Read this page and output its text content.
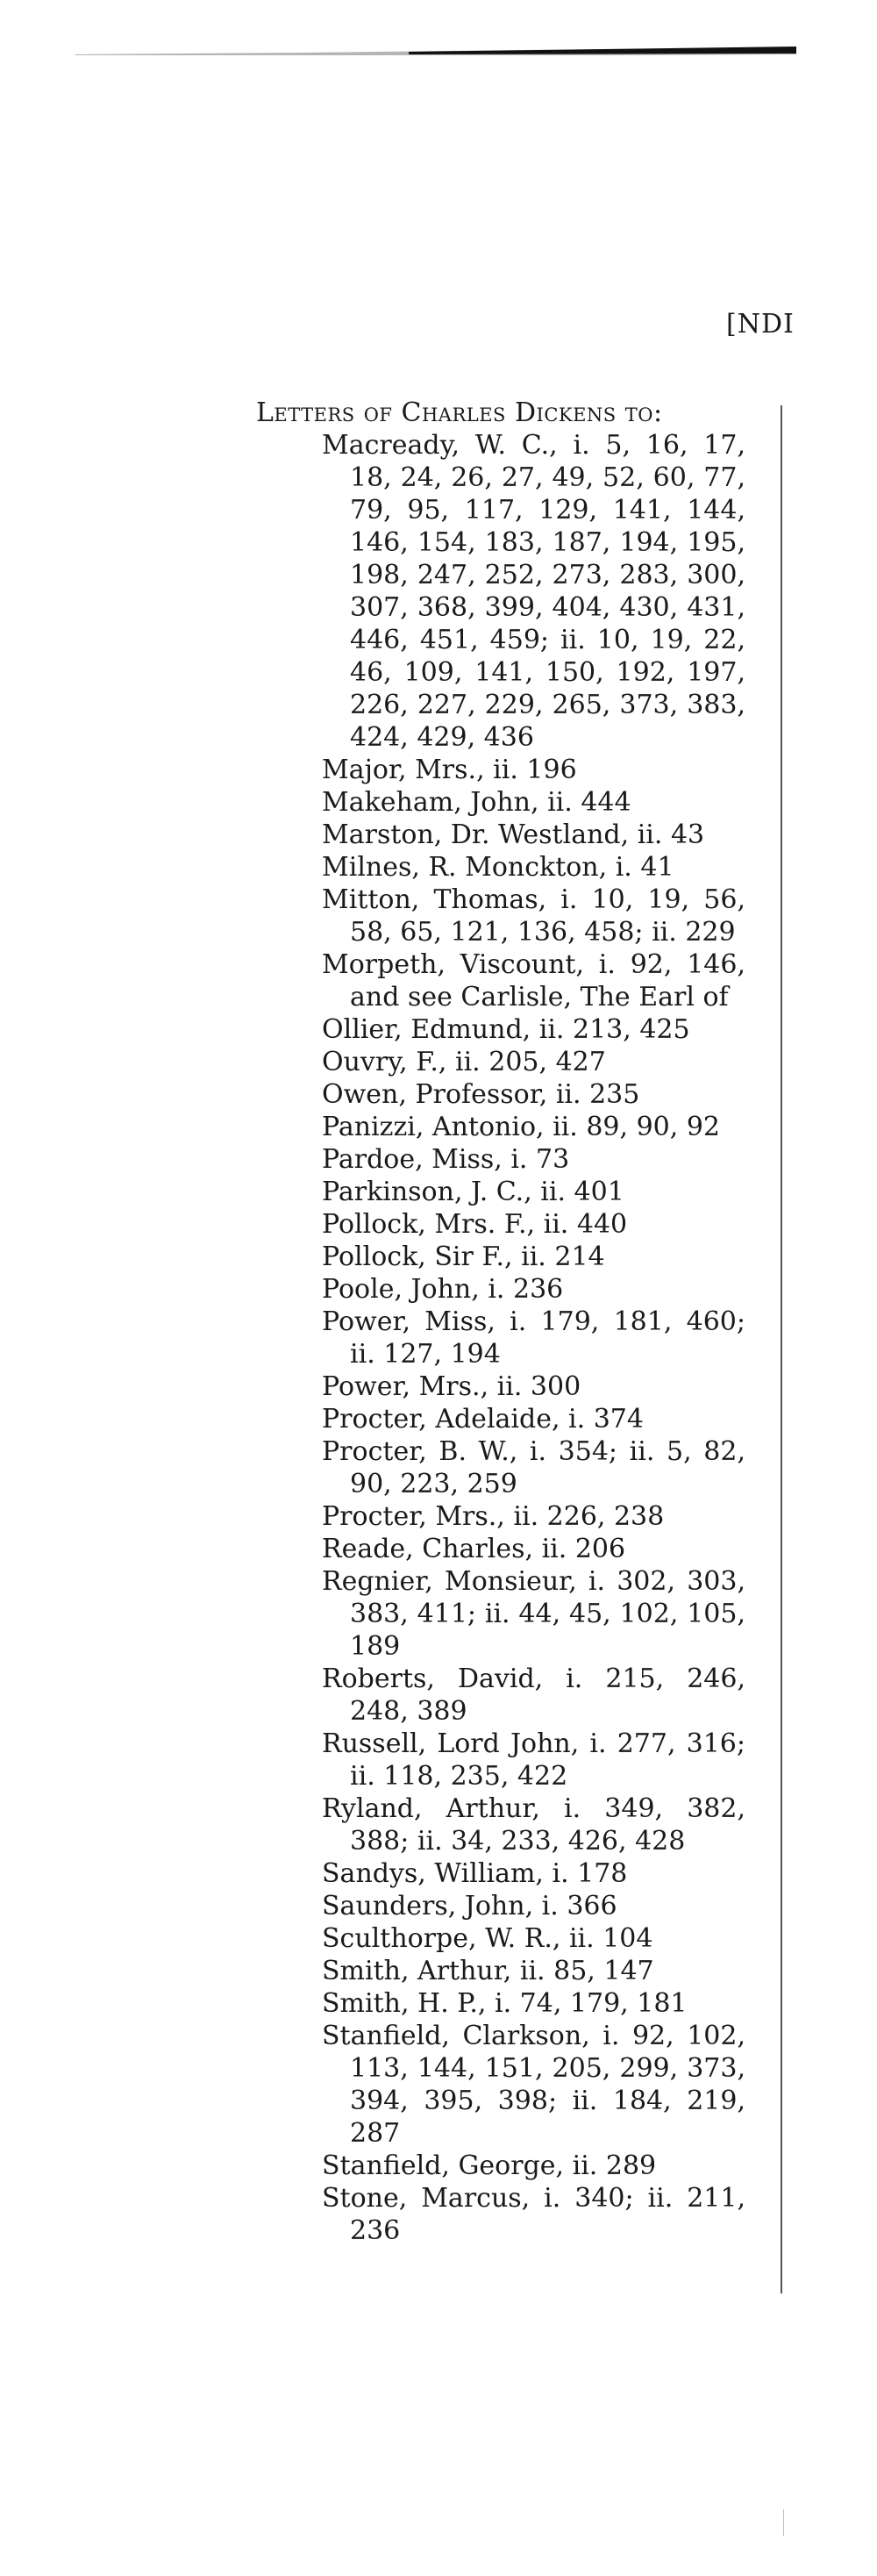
[NDI
Letters of Charles Dickens to:
Macready, W. C., i. 5, 16, 17, 18, 24, 26, 27, 49, 52, 60, 77, 79, 95, 117, 129, 141, 144, 146, 154, 183, 187, 194, 195, 198, 247, 252, 273, 283, 300, 307, 368, 399, 404, 430, 431, 446, 451, 459; ii. 10, 19, 22, 46, 109, 141, 150, 192, 197, 226, 227, 229, 265, 373, 383, 424, 429, 436
Major, Mrs., ii. 196
Makeham, John, ii. 444
Marston, Dr. Westland, ii. 43
Milnes, R. Monckton, i. 41
Mitton, Thomas, i. 10, 19, 56, 58, 65, 121, 136, 458; ii. 229
Morpeth, Viscount, i. 92, 146, and see Carlisle, The Earl of
Ollier, Edmund, ii. 213, 425
Ouvry, F., ii. 205, 427
Owen, Professor, ii. 235
Panizzi, Antonio, ii. 89, 90, 92
Pardoe, Miss, i. 73
Parkinson, J. C., ii. 401
Pollock, Mrs. F., ii. 440
Pollock, Sir F., ii. 214
Poole, John, i. 236
Power, Miss, i. 179, 181, 460; ii. 127, 194
Power, Mrs., ii. 300
Procter, Adelaide, i. 374
Procter, B. W., i. 354; ii. 5, 82, 90, 223, 259
Procter, Mrs., ii. 226, 238
Reade, Charles, ii. 206
Regnier, Monsieur, i. 302, 303, 383, 411; ii. 44, 45, 102, 105, 189
Roberts, David, i. 215, 246, 248, 389
Russell, Lord John, i. 277, 316; ii. 118, 235, 422
Ryland, Arthur, i. 349, 382, 388; ii. 34, 233, 426, 428
Sandys, William, i. 178
Saunders, John, i. 366
Sculthorpe, W. R., ii. 104
Smith, Arthur, ii. 85, 147
Smith, H. P., i. 74, 179, 181
Stanfield, Clarkson, i. 92, 102, 113, 144, 151, 205, 299, 373, 394, 395, 398; ii. 184, 219, 287
Stanfield, George, ii. 289
Stone, Marcus, i. 340; ii. 211, 236
